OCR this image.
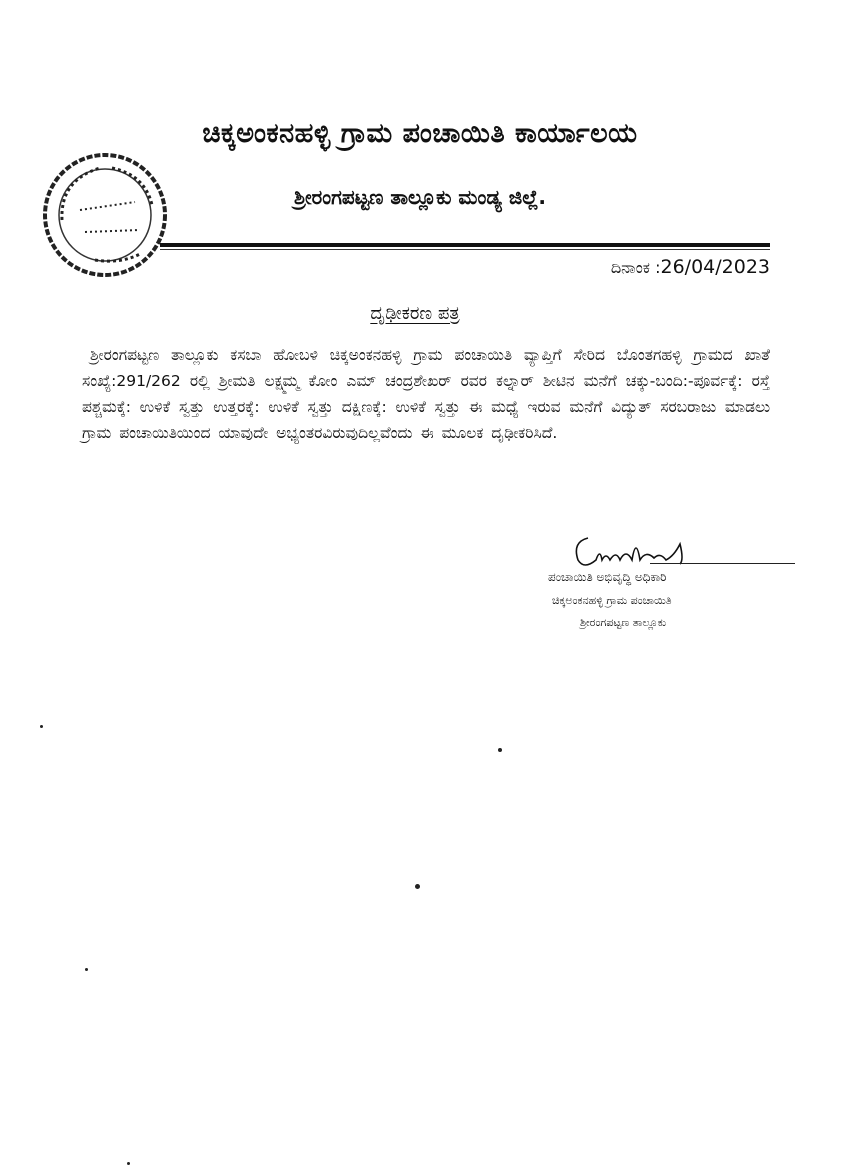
ಚಿಕ್ಕಅಂಕನಹಳ್ಳಿ ಗ್ರಾಮ ಪಂಚಾಯಿತಿ ಕಾರ್ಯಾಲಯ
ಶ್ರೀರಂಗಪಟ್ಟಣ ತಾಲ್ಲೂಕು ಮಂಡ್ಯ ಜಿಲ್ಲೆ.
ದಿನಾಂಕ :26/04/2023
ದೃಢೀಕರಣ ಪತ್ರ
ಶ್ರೀರಂಗಪಟ್ಟಣ ತಾಲ್ಲೂಕು ಕಸಬಾ ಹೋಬಳಿ ಚಿಕ್ಕಅಂಕನಹಳ್ಳಿ ಗ್ರಾಮ ಪಂಚಾಯಿತಿ ವ್ಯಾಪ್ತಿಗೆ ಸೇರಿದ ಬೊಂತಗಹಳ್ಳಿ ಗ್ರಾಮದ ಖಾತೆ ಸಂಖ್ಯೆ:291/262 ರಲ್ಲಿ ಶ್ರೀಮತಿ ಲಕ್ಷ್ಮಮ್ಮ ಕೋಂ ಎಮ್ ಚಂದ್ರಶೇಖರ್ ರವರ ಕಲ್ನಾರ್ ಶೀಟಿನ ಮನೆಗೆ ಚಕ್ಕು-ಬಂದಿ:-ಪೂರ್ವಕ್ಕೆ: ರಸ್ತೆ ಪಶ್ಚಮಕ್ಕೆ: ಉಳಿಕೆ ಸ್ವತ್ತು ಉತ್ತರಕ್ಕೆ: ಉಳಿಕೆ ಸ್ವತ್ತು ದಕ್ಷಿಣಕ್ಕೆ: ಉಳಿಕೆ ಸ್ವತ್ತು ಈ ಮಧ್ಯೆ ಇರುವ ಮನೆಗೆ ವಿದ್ಯುತ್ ಸರಬರಾಜು ಮಾಡಲು ಗ್ರಾಮ ಪಂಚಾಯಿತಿಯಿಂದ ಯಾವುದೇ ಅಭ್ಯಂತರವಿರುವುದಿಲ್ಲವೆಂದು ಈ ಮೂಲಕ ದೃಢೀಕರಿಸಿದೆ.
ಪಂಚಾಯಿತಿ ಅಭಿವೃದ್ಧಿ ಅಧಿಕಾರಿ
ಚಿಕ್ಕಅಂಕನಹಳ್ಳಿ ಗ್ರಾಮ ಪಂಚಾಯಿತಿ
ಶ್ರೀರಂಗಪಟ್ಟಣ ತಾಲ್ಲೂಕು
